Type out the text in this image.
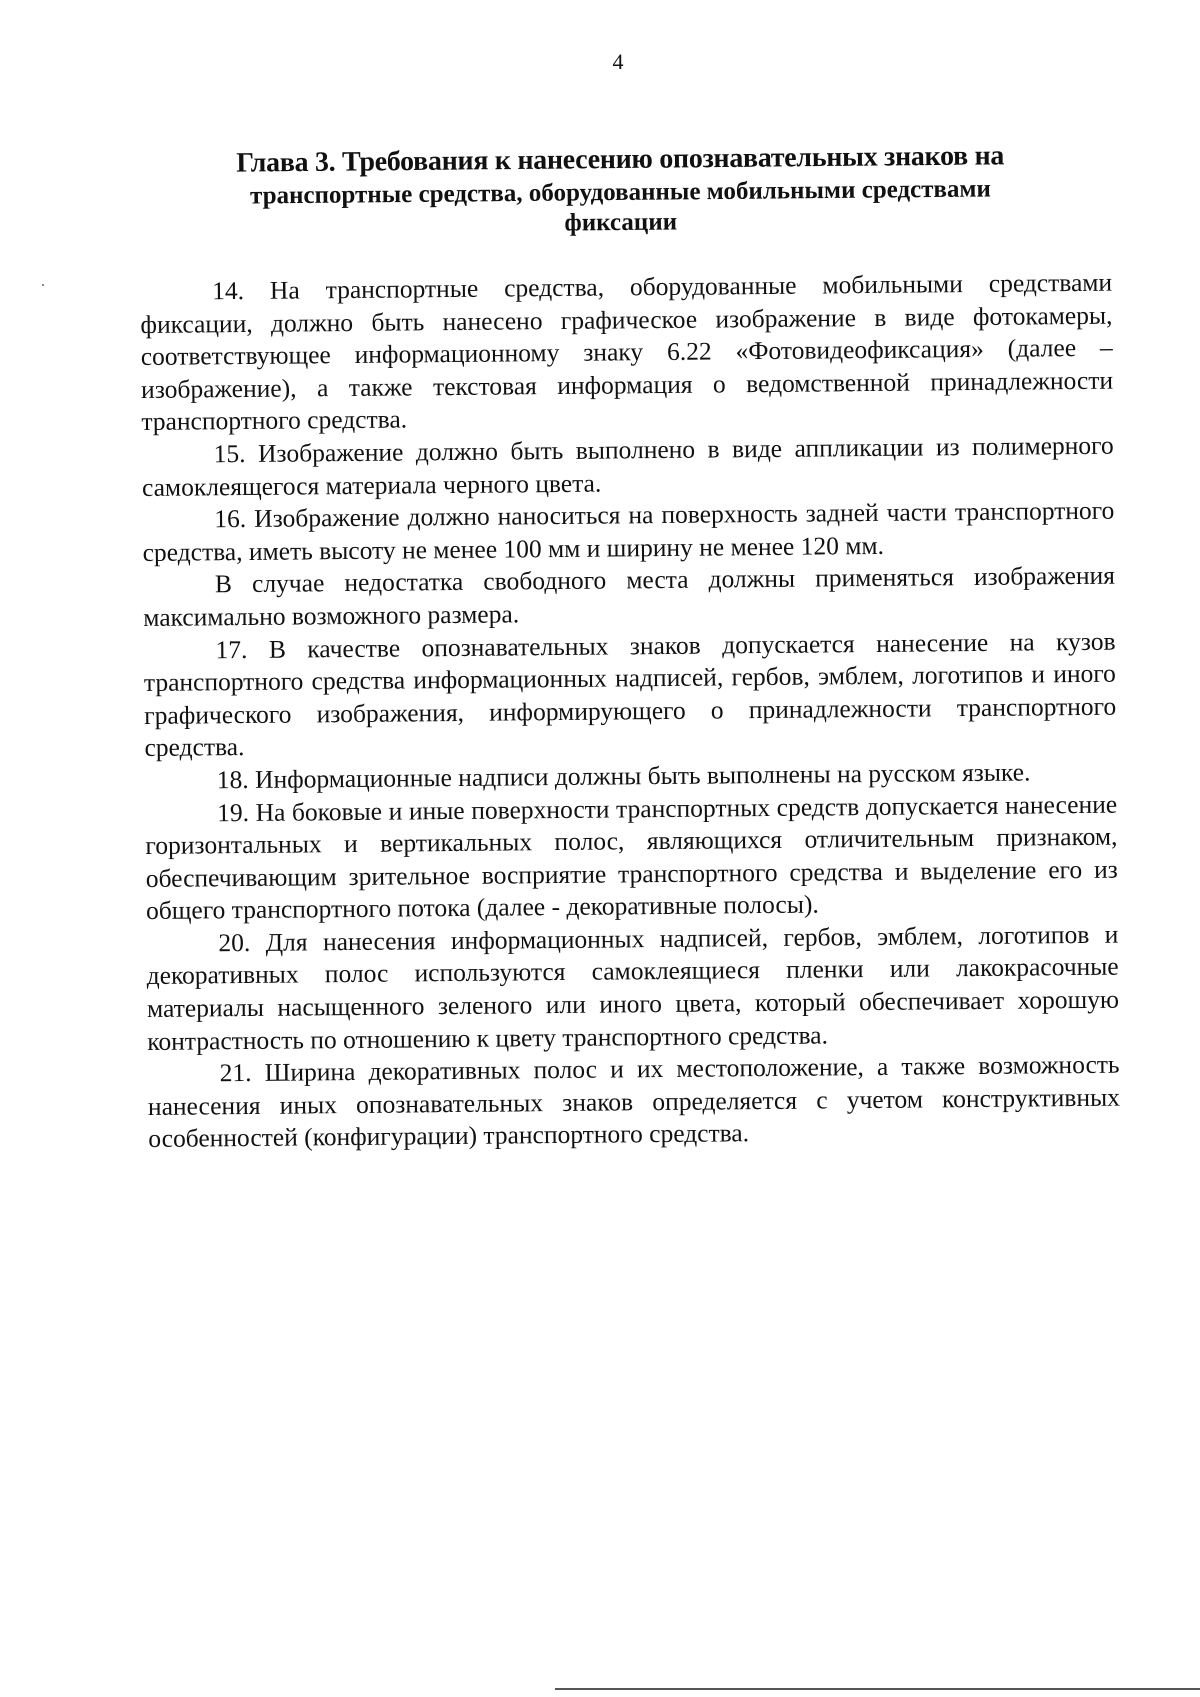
4
Глава 3. Требования к нанесению опознавательных знаков на
транспортные средства, оборудованные мобильными средствами
фиксации

14. На транспортные средства, оборудованные мобильными средствами фиксации, должно быть нанесено графическое изображение в виде фотокамеры, соответствующее информационному знаку 6.22 «Фотовидеофиксация» (далее – изображение), а также текстовая информация о ведомственной принадлежности транспортного средства.

15. Изображение должно быть выполнено в виде аппликации из полимерного самоклеящегося материала черного цвета.

16. Изображение должно наноситься на поверхность задней части транспортного средства, иметь высоту не менее 100 мм и ширину не менее 120 мм.

В случае недостатка свободного места должны применяться изображения максимально возможного размера.

17. В качестве опознавательных знаков допускается нанесение на кузов транспортного средства информационных надписей, гербов, эмблем, логотипов и иного графического изображения, информирующего о принадлежности транспортного средства.

18. Информационные надписи должны быть выполнены на русском языке.

19. На боковые и иные поверхности транспортных средств допускается нанесение горизонтальных и вертикальных полос, являющихся отличительным признаком, обеспечивающим зрительное восприятие транспортного средства и выделение его из общего транспортного потока (далее - декоративные полосы).

20. Для нанесения информационных надписей, гербов, эмблем, логотипов и декоративных полос используются самоклеящиеся пленки или лакокрасочные материалы насыщенного зеленого или иного цвета, который обеспечивает хорошую контрастность по отношению к цвету транспортного средства.

21. Ширина декоративных полос и их местоположение, а также возможность нанесения иных опознавательных знаков определяется с учетом конструктивных особенностей (конфигурации) транспортного средства.
